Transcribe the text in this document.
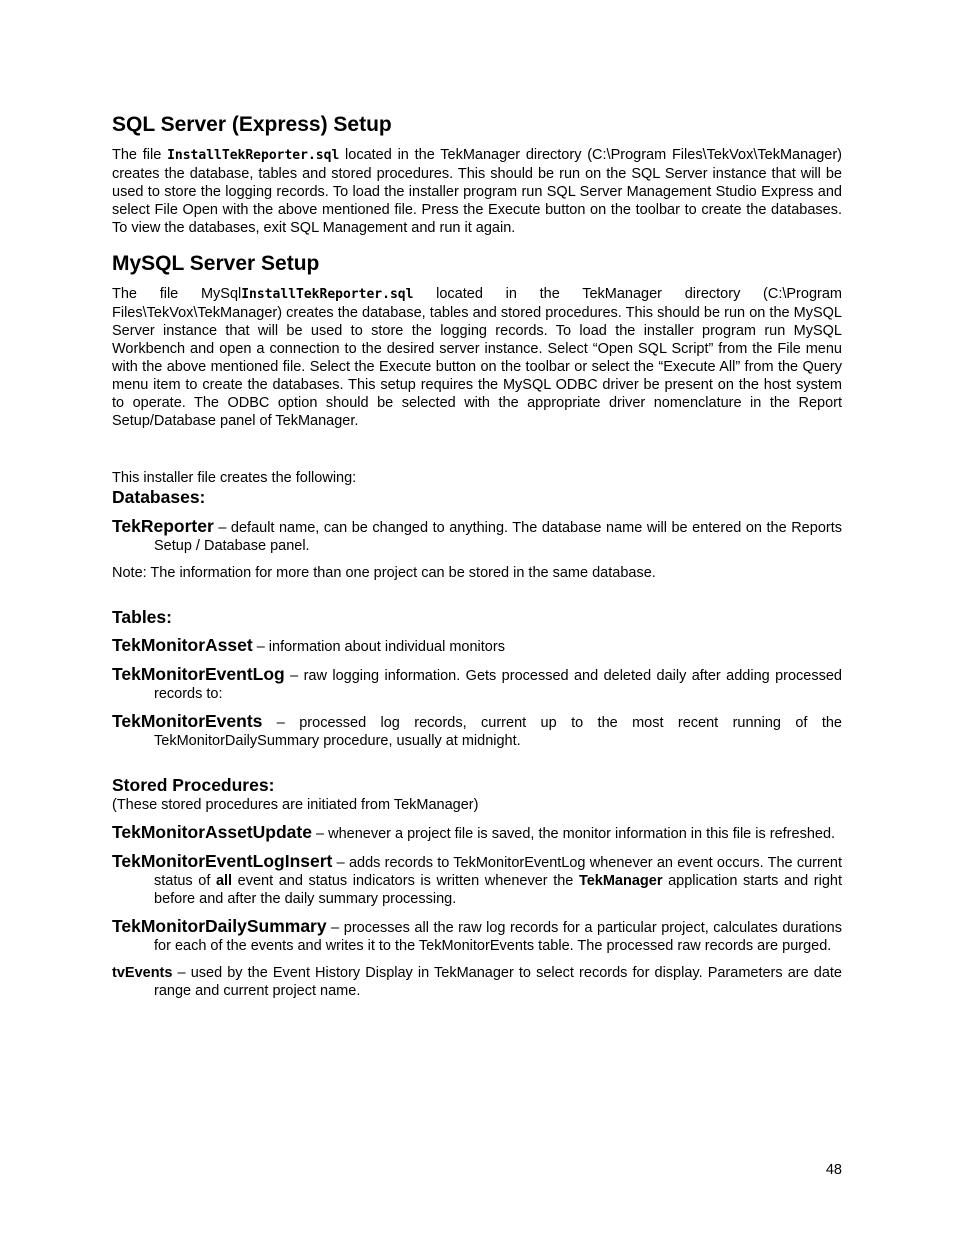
SQL Server (Express) Setup

The file InstallTekReporter.sql located in the TekManager directory (C:\Program Files\TekVox\TekManager) creates the database, tables and stored procedures. This should be run on the SQL Server instance that will be used to store the logging records. To load the installer program run SQL Server Management Studio Express and select File Open with the above mentioned file. Press the Execute button on the toolbar to create the databases. To view the databases, exit SQL Management and run it again.

MySQL Server Setup

The file MySqlInstallTekReporter.sql located in the TekManager directory (C:\Program Files\TekVox\TekManager) creates the database, tables and stored procedures. This should be run on the MySQL Server instance that will be used to store the logging records. To load the installer program run MySQL Workbench and open a connection to the desired server instance. Select “Open SQL Script” from the File menu with the above mentioned file. Select the Execute button on the toolbar or select the “Execute All” from the Query menu item to create the databases. This setup requires the MySQL ODBC driver be present on the host system to operate. The ODBC option should be selected with the appropriate driver nomenclature in the Report Setup/Database panel of TekManager.

This installer file creates the following:

Databases:

TekReporter – default name, can be changed to anything. The database name will be entered on the Reports Setup / Database panel.

Note: The information for more than one project can be stored in the same database.

Tables:

TekMonitorAsset – information about individual monitors

TekMonitorEventLog – raw logging information. Gets processed and deleted daily after adding processed records to:

TekMonitorEvents – processed log records, current up to the most recent running of the TekMonitorDailySummary procedure, usually at midnight.

Stored Procedures:

(These stored procedures are initiated from TekManager)

TekMonitorAssetUpdate – whenever a project file is saved, the monitor information in this file is refreshed.

TekMonitorEventLogInsert – adds records to TekMonitorEventLog whenever an event occurs. The current status of all event and status indicators is written whenever the TekManager application starts and right before and after the daily summary processing.

TekMonitorDailySummary – processes all the raw log records for a particular project, calculates durations for each of the events and writes it to the TekMonitorEvents table. The processed raw records are purged.

tvEvents – used by the Event History Display in TekManager to select records for display. Parameters are date range and current project name.

48
